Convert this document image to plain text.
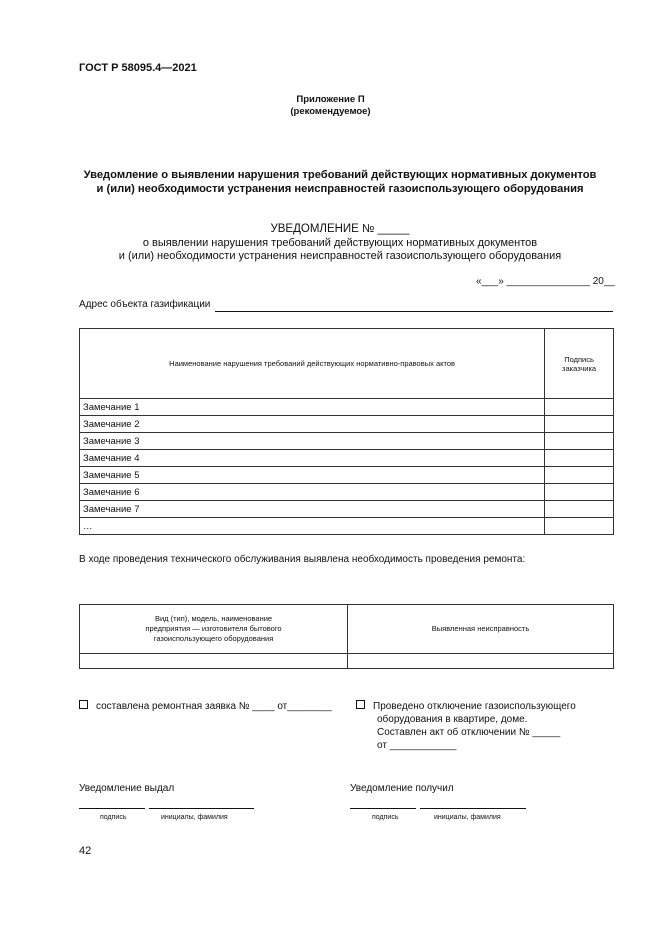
ГОСТ Р 58095.4—2021
Приложение П
(рекомендуемое)
Уведомление о выявлении нарушения требований действующих нормативных документов
и (или) необходимости устранения неисправностей газоиспользующего оборудования
УВЕДОМЛЕНИЕ № _____
о выявлении нарушения требований действующих нормативных документов
и (или) необходимости устранения неисправностей газоиспользующего оборудования
«___» _______________ 20__
Адрес объекта газификации
Наименование нарушения требований действующих нормативно-правовых актов	Подпись
заказчика

Замечание 1	
Замечание 2	
Замечание 3	
Замечание 4	
Замечание 5	
Замечание 6	
Замечание 7	
…	
В ходе проведения технического обслуживания выявлена необходимость проведения ремонта:
Вид (тип), модель, наименование
предприятия — изготовителя бытового
газоиспользующего оборудования	Выявленная неисправность

составлена ремонтная заявка № ____ от________	Проведено отключение газоиспользующего
оборудования в квартире, доме.
Составлен акт об отключении № _____
от ____________
Уведомление выдал
подпись	инициалы, фамилия
Уведомление получил
подпись	инициалы, фамилия
42
